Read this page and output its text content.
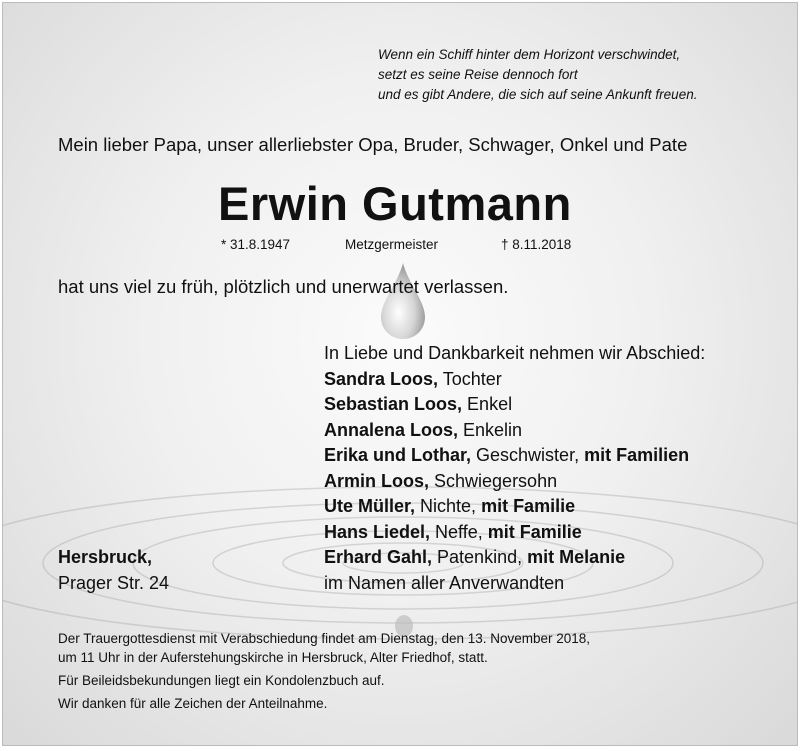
Wenn ein Schiff hinter dem Horizont verschwindet,
setzt es seine Reise dennoch fort
und es gibt Andere, die sich auf seine Ankunft freuen.
Mein lieber Papa, unser allerliebster Opa, Bruder, Schwager, Onkel und Pate
Erwin Gutmann
* 31.8.1947	Metzgermeister	† 8.11.2018
hat uns viel zu früh, plötzlich und unerwartet verlassen.
In Liebe und Dankbarkeit nehmen wir Abschied:
Sandra Loos, Tochter
Sebastian Loos, Enkel
Annalena Loos, Enkelin
Erika und Lothar, Geschwister, mit Familien
Armin Loos, Schwiegersohn
Ute Müller, Nichte, mit Familie
Hans Liedel, Neffe, mit Familie
Erhard Gahl, Patenkind, mit Melanie
im Namen aller Anverwandten
Hersbruck,
Prager Str. 24
Der Trauergottesdienst mit Verabschiedung findet am Dienstag, den 13. November 2018,
um 11 Uhr in der Auferstehungskirche in Hersbruck, Alter Friedhof, statt.
Für Beileidsbekundungen liegt ein Kondolenzbuch auf.
Wir danken für alle Zeichen der Anteilnahme.
